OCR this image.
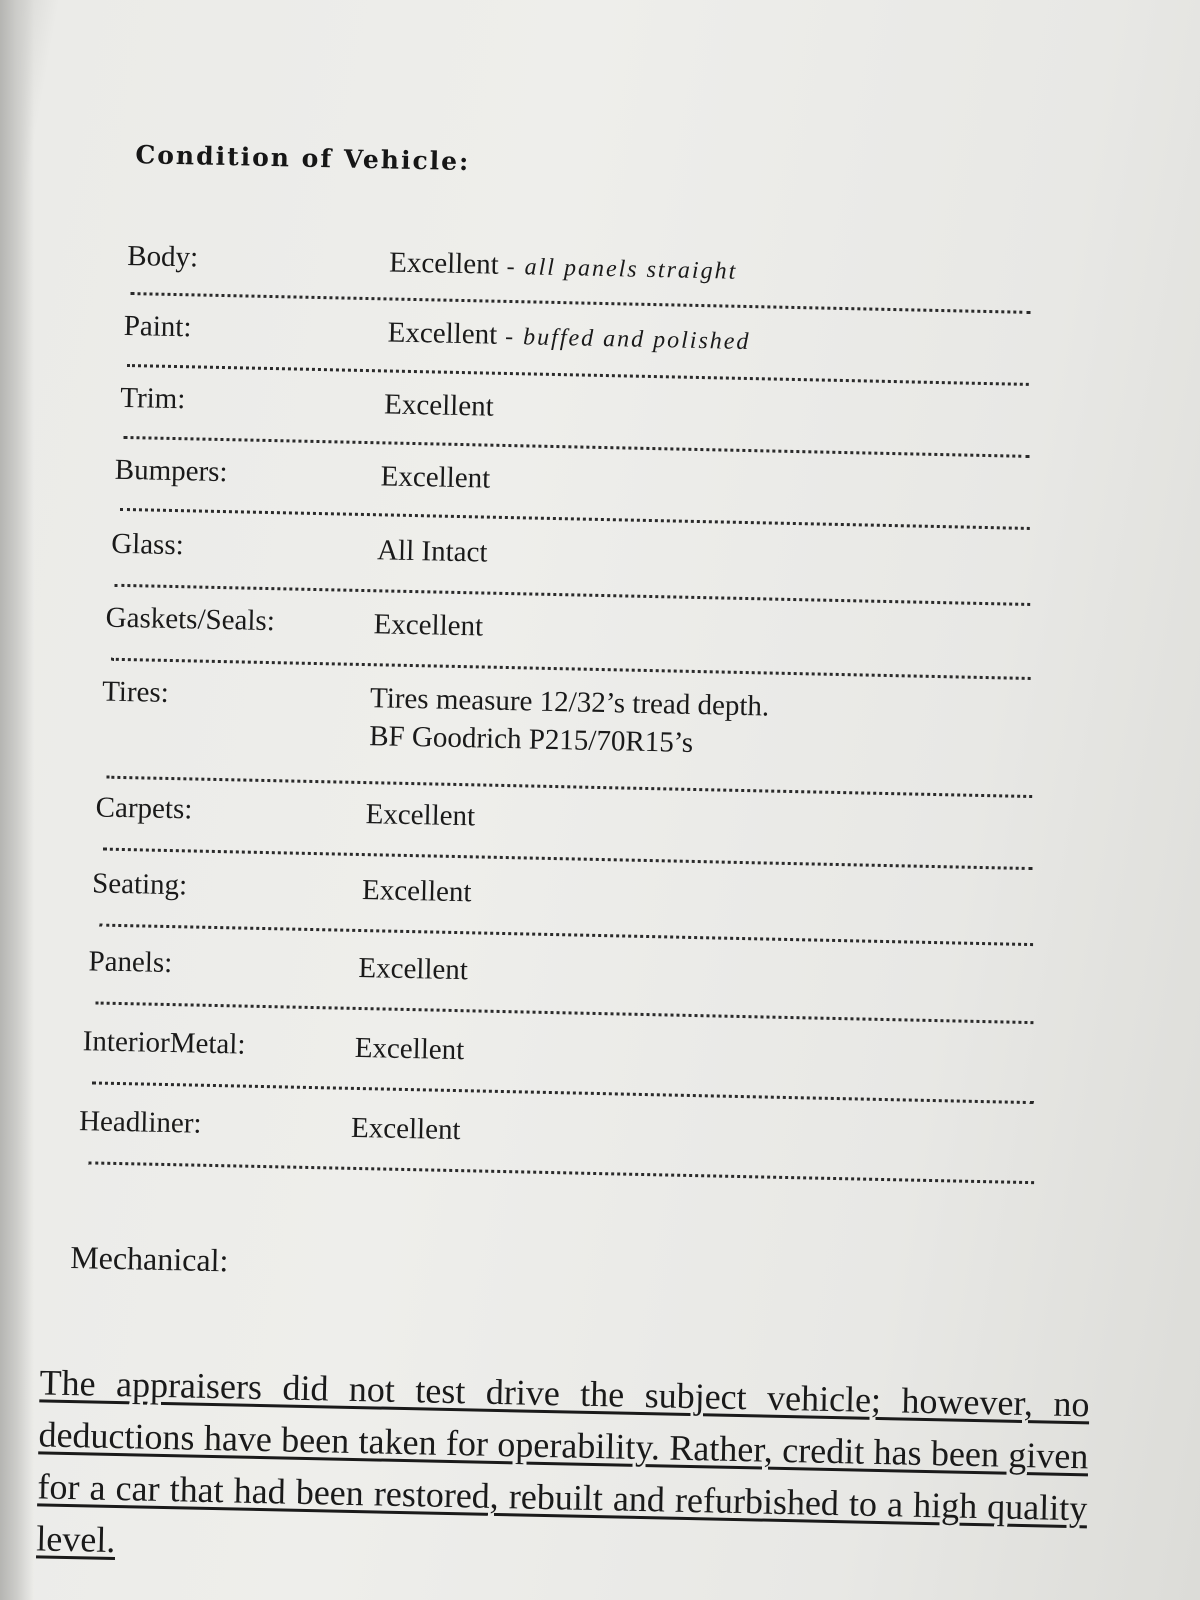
Condition of Vehicle:
Body:	Excellent - all panels straight
Paint:	Excellent - buffed and polished
Trim:	Excellent
Bumpers:	Excellent
Glass:	All Intact
Gaskets/Seals:	Excellent
Tires:	Tires measure 12/32’s tread depth.
BF Goodrich P215/70R15’s
Carpets:	Excellent
Seating:	Excellent
Panels:	Excellent
InteriorMetal:	Excellent
Headliner:	Excellent
Mechanical:
The appraisers did not test drive the subject vehicle; however, no deductions have been taken for operability. Rather, credit has been given for a car that had been restored, rebuilt and refurbished to a high quality level.
